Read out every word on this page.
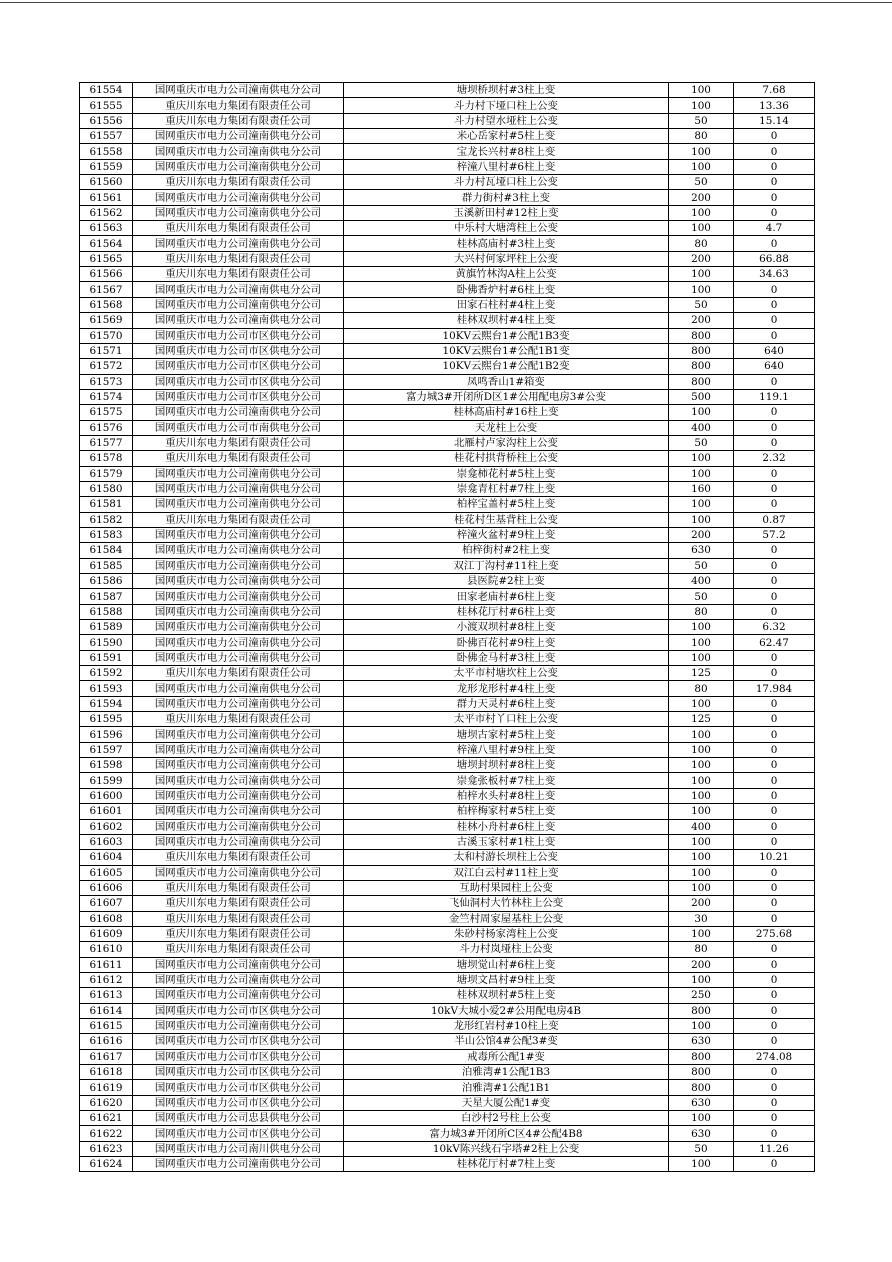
61554	国网重庆市电力公司潼南供电分公司	塘坝桥坝村#3柱上变	100	7.68
61555	重庆川东电力集团有限责任公司	斗力村下垭口柱上公变	100	13.36
61556	重庆川东电力集团有限责任公司	斗力村望水垭柱上公变	50	15.14
61557	国网重庆市电力公司潼南供电分公司	米心岳家村#5柱上变	80	0
61558	国网重庆市电力公司潼南供电分公司	宝龙长兴村#8柱上变	100	0
61559	国网重庆市电力公司潼南供电分公司	梓潼八里村#6柱上变	100	0
61560	重庆川东电力集团有限责任公司	斗力村瓦垭口柱上公变	50	0
61561	国网重庆市电力公司潼南供电分公司	群力街村#3柱上变	200	0
61562	国网重庆市电力公司潼南供电分公司	玉溪新田村#12柱上变	100	0
61563	重庆川东电力集团有限责任公司	中乐村大塘湾柱上公变	100	4.7
61564	国网重庆市电力公司潼南供电分公司	桂林高庙村#3柱上变	80	0
61565	重庆川东电力集团有限责任公司	大兴村何家坪柱上公变	200	66.88
61566	重庆川东电力集团有限责任公司	黄旗竹林沟A柱上公变	100	34.63
61567	国网重庆市电力公司潼南供电分公司	卧佛香炉村#6柱上变	100	0
61568	国网重庆市电力公司潼南供电分公司	田家石柱村#4柱上变	50	0
61569	国网重庆市电力公司潼南供电分公司	桂林双坝村#4柱上变	200	0
61570	国网重庆市电力公司市区供电分公司	10KV云熙台1#公配1B3变	800	0
61571	国网重庆市电力公司市区供电分公司	10KV云熙台1#公配1B1变	800	640
61572	国网重庆市电力公司市区供电分公司	10KV云熙台1#公配1B2变	800	640
61573	国网重庆市电力公司市区供电分公司	凤鸣香山1#箱变	800	0
61574	国网重庆市电力公司市区供电分公司	富力城3#开闭所D区1#公用配电房3#公变	500	119.1
61575	国网重庆市电力公司潼南供电分公司	桂林高庙村#16柱上变	100	0
61576	国网重庆市电力公司市南供电分公司	天龙柱上公变	400	0
61577	重庆川东电力集团有限责任公司	北雁村卢家沟柱上公变	50	0
61578	重庆川东电力集团有限责任公司	桂花村拱背桥柱上公变	100	2.32
61579	国网重庆市电力公司潼南供电分公司	崇龛柿花村#5柱上变	100	0
61580	国网重庆市电力公司潼南供电分公司	崇龛青杠村#7柱上变	160	0
61581	国网重庆市电力公司潼南供电分公司	柏梓宝盖村#5柱上变	100	0
61582	重庆川东电力集团有限责任公司	桂花村生基背柱上公变	100	0.87
61583	国网重庆市电力公司潼南供电分公司	梓潼火盆村#9柱上变	200	57.2
61584	国网重庆市电力公司潼南供电分公司	柏梓街村#2柱上变	630	0
61585	国网重庆市电力公司潼南供电分公司	双江丁沟村#11柱上变	50	0
61586	国网重庆市电力公司潼南供电分公司	县医院#2柱上变	400	0
61587	国网重庆市电力公司潼南供电分公司	田家老庙村#6柱上变	50	0
61588	国网重庆市电力公司潼南供电分公司	桂林花厅村#6柱上变	80	0
61589	国网重庆市电力公司潼南供电分公司	小渡双坝村#8柱上变	100	6.32
61590	国网重庆市电力公司潼南供电分公司	卧佛百花村#9柱上变	100	62.47
61591	国网重庆市电力公司潼南供电分公司	卧佛金马村#3柱上变	100	0
61592	重庆川东电力集团有限责任公司	太平市村塘坎柱上公变	125	0
61593	国网重庆市电力公司潼南供电分公司	龙形龙形村#4柱上变	80	17.984
61594	国网重庆市电力公司潼南供电分公司	群力天灵村#6柱上变	100	0
61595	重庆川东电力集团有限责任公司	太平市村丫口柱上公变	125	0
61596	国网重庆市电力公司潼南供电分公司	塘坝古家村#5柱上变	100	0
61597	国网重庆市电力公司潼南供电分公司	梓潼八里村#9柱上变	100	0
61598	国网重庆市电力公司潼南供电分公司	塘坝封坝村#8柱上变	100	0
61599	国网重庆市电力公司潼南供电分公司	崇龛张板村#7柱上变	100	0
61600	国网重庆市电力公司潼南供电分公司	柏梓水头村#8柱上变	100	0
61601	国网重庆市电力公司潼南供电分公司	柏梓梅家村#5柱上变	100	0
61602	国网重庆市电力公司潼南供电分公司	桂林小舟村#6柱上变	400	0
61603	国网重庆市电力公司潼南供电分公司	古溪玉家村#1柱上变	100	0
61604	重庆川东电力集团有限责任公司	太和村游长坝柱上公变	100	10.21
61605	国网重庆市电力公司潼南供电分公司	双江白云村#11柱上变	100	0
61606	重庆川东电力集团有限责任公司	互助村果园柱上公变	100	0
61607	重庆川东电力集团有限责任公司	飞仙洞村大竹林柱上公变	200	0
61608	重庆川东电力集团有限责任公司	金竺村周家屋基柱上公变	30	0
61609	重庆川东电力集团有限责任公司	朱砂村杨家湾柱上公变	100	275.68
61610	重庆川东电力集团有限责任公司	斗力村岚垭柱上公变	80	0
61611	国网重庆市电力公司潼南供电分公司	塘坝觉山村#6柱上变	200	0
61612	国网重庆市电力公司潼南供电分公司	塘坝文昌村#9柱上变	100	0
61613	国网重庆市电力公司潼南供电分公司	桂林双坝村#5柱上变	250	0
61614	国网重庆市电力公司市区供电分公司	10kV大城小爱2#公用配电房4B	800	0
61615	国网重庆市电力公司潼南供电分公司	龙形红岩村#10柱上变	100	0
61616	国网重庆市电力公司市区供电分公司	半山公馆4#公配3#变	630	0
61617	国网重庆市电力公司市区供电分公司	戒毒所公配1#变	800	274.08
61618	国网重庆市电力公司市区供电分公司	泊雅湾#1公配1B3	800	0
61619	国网重庆市电力公司市区供电分公司	泊雅湾#1公配1B1	800	0
61620	国网重庆市电力公司市区供电分公司	天星大厦公配1#变	630	0
61621	国网重庆市电力公司忠县供电分公司	白沙村2号柱上公变	100	0
61622	国网重庆市电力公司市区供电分公司	富力城3#开闭所C区4#公配4B8	630	0
61623	国网重庆市电力公司南川供电分公司	10kV陈兴线石字塔#2柱上公变	50	11.26
61624	国网重庆市电力公司潼南供电分公司	桂林花厅村#7柱上变	100	0
